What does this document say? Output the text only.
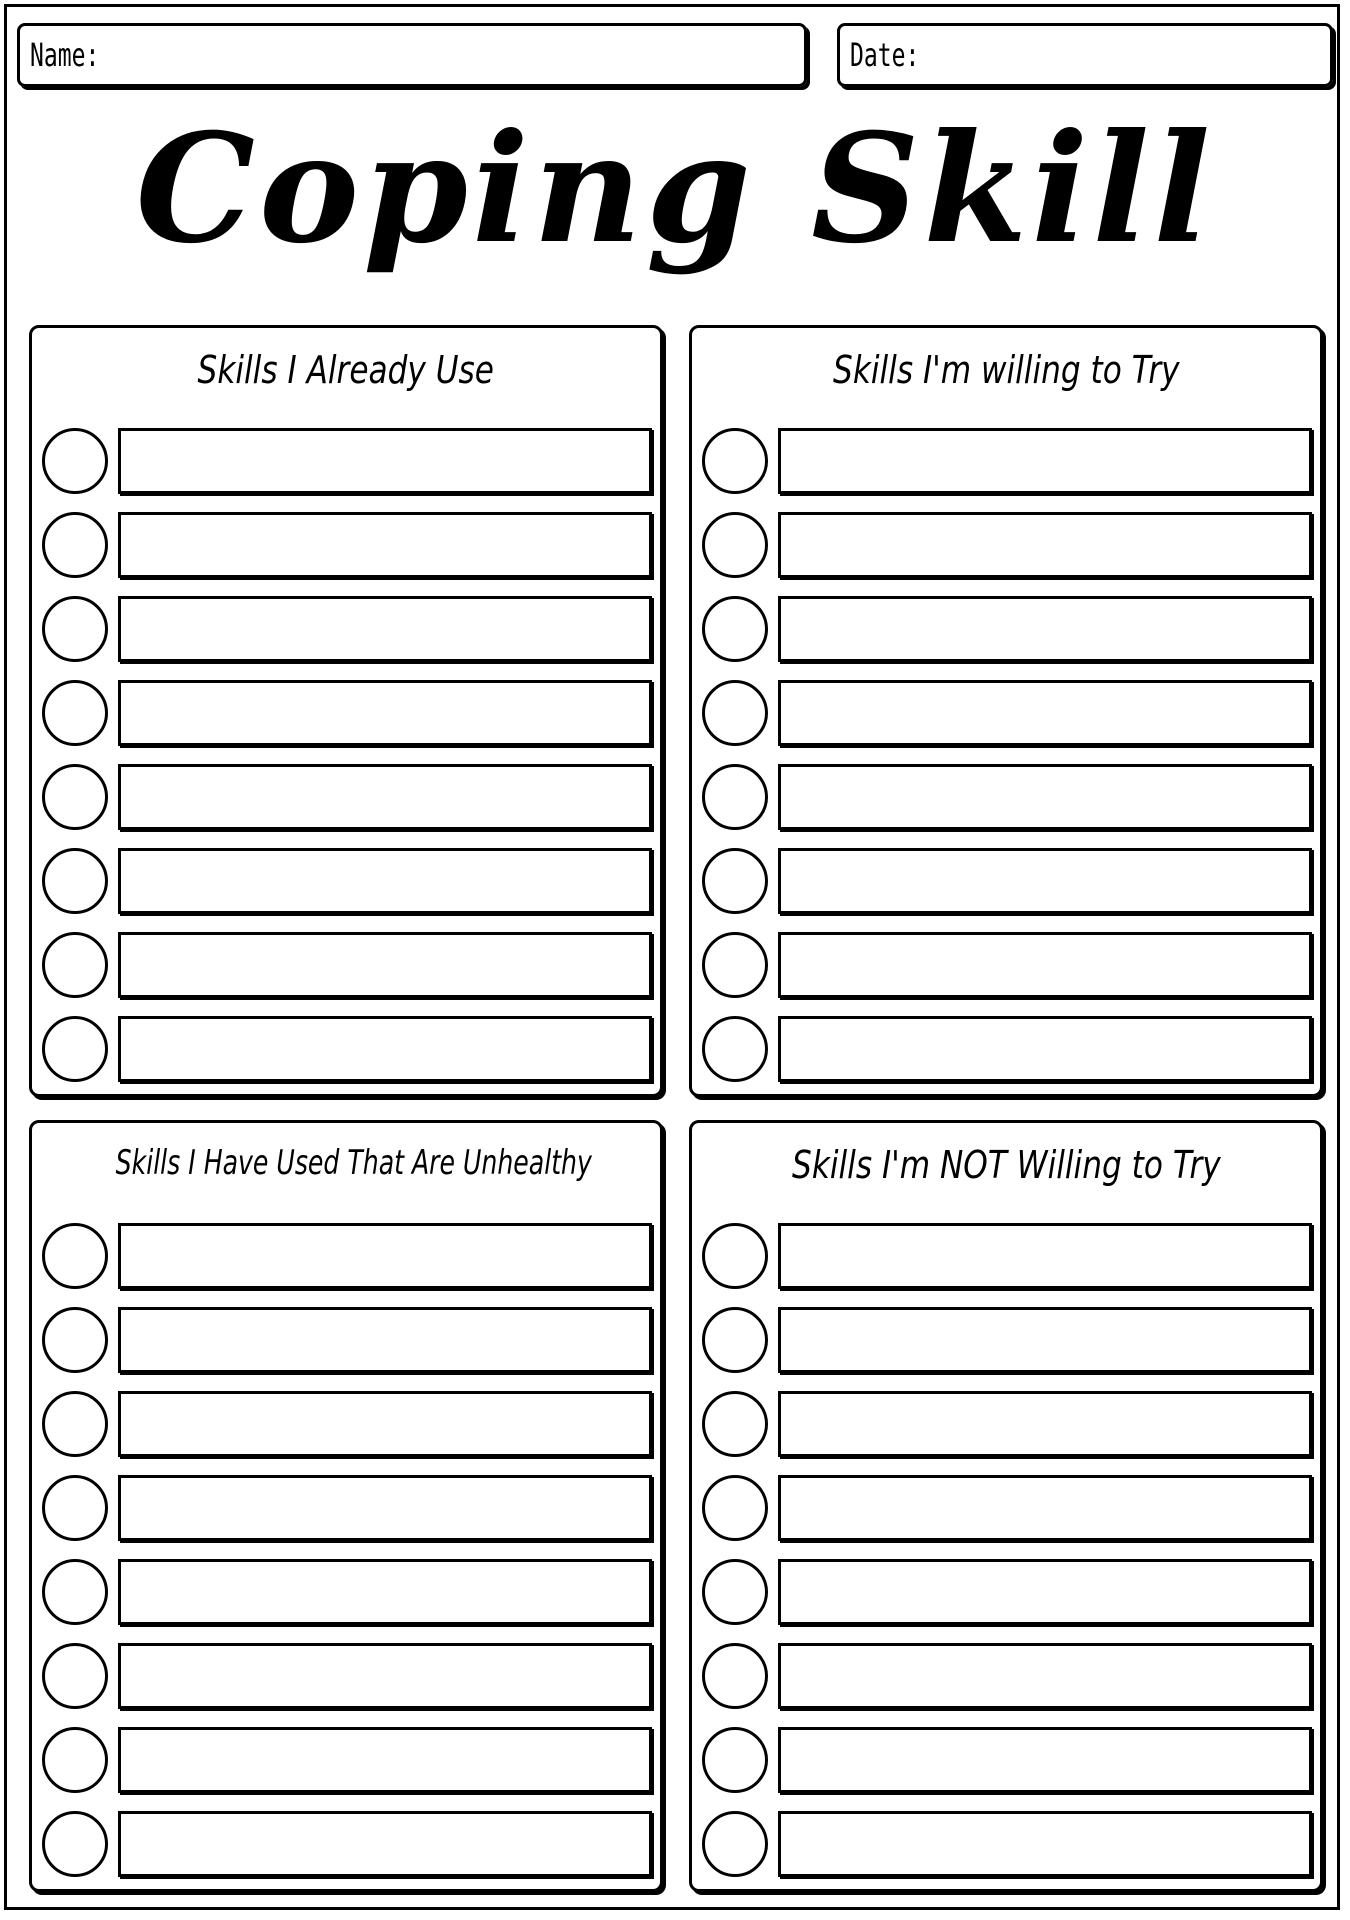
Name:	Date:
Coping Skill
Skills I Already Use	Skills I'm willing to Try
Skills I Have Used That Are Unhealthy	Skills I'm NOT Willing to Try
